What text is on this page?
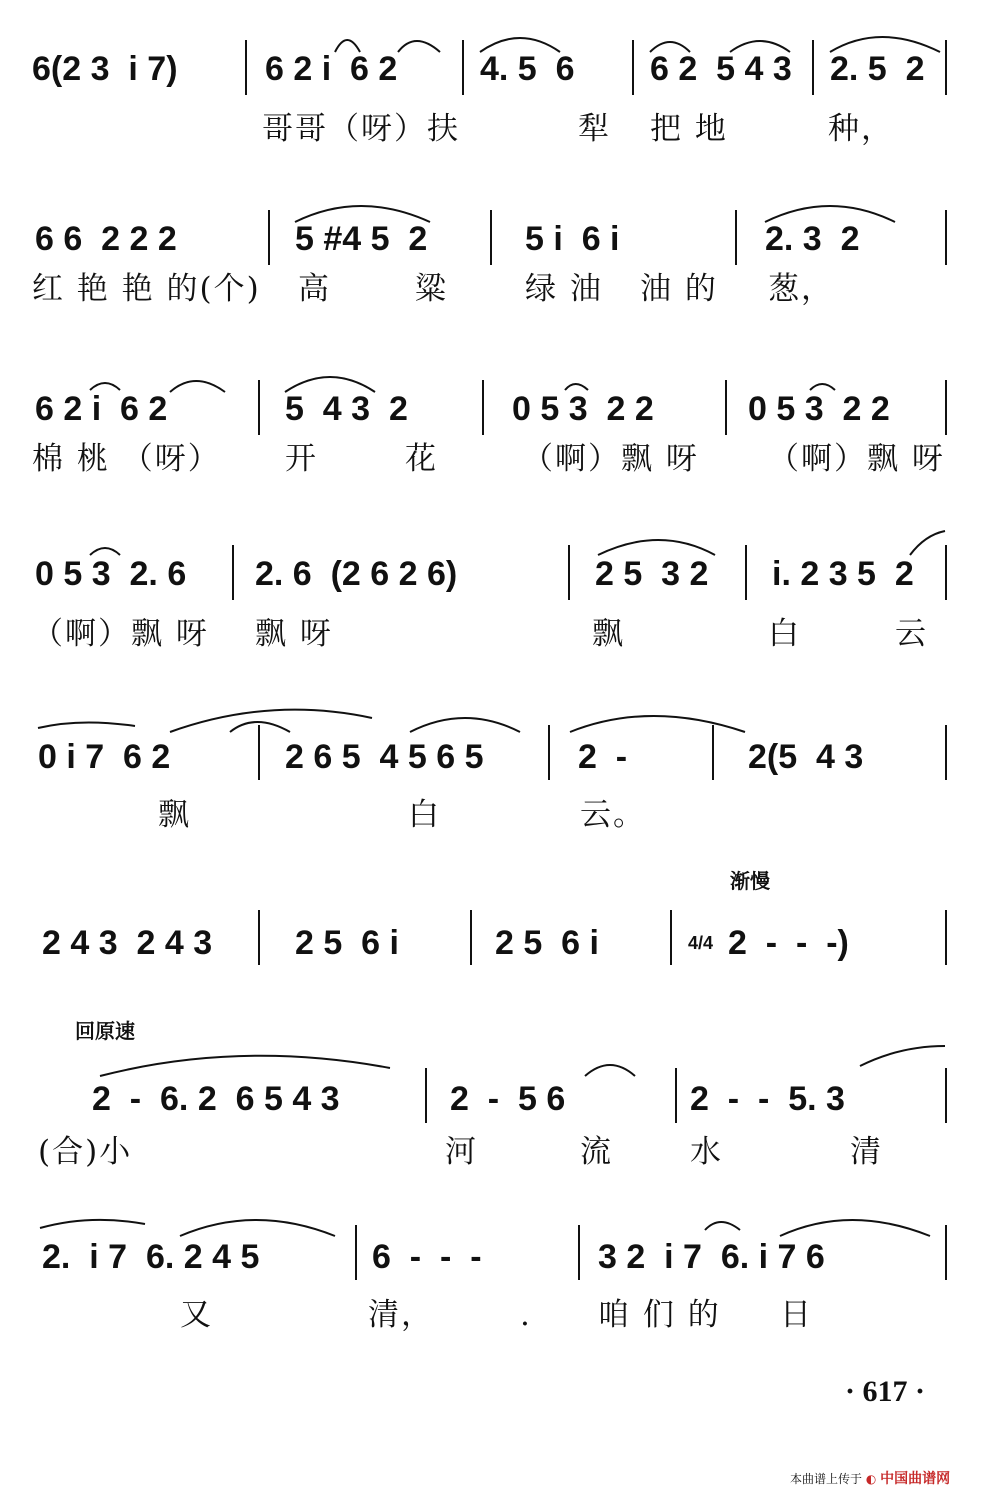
6(2 3  i 7)	6 2 i  6 2 4. 5  6 6 2  5 4 3 2. 5  2
哥哥（呀）扶	犁 把 地	种，
6 6  2 2 2	5 #4 5  2	5 i  6 i	2. 3  2
红 艳 艳 的(个) 高	粱 绿 油 油 的 葱，
6 2 i  6 2	5  4 3  2	0 5 3  2 2	0 5 3  2 2
棉 桃 （呀） 开	花	（啊）飘 呀 （啊）飘 呀
0 5 3  2. 6 2. 6  (2 6 2 6)	2 5  3 2 i. 2 3 5  2
（啊）飘 呀 飘 呀	飘	白	云
0 i 7  6 2	2 6 5  4 5 6 5	2  -	2(5  4 3
飘	白	云。
渐慢
2 4 3  2 4 3 2 5  6 i	2 5  6 i	4/4 2  -  -  -)
回原速
2  -  6. 2  6 5 4 3	2  -  5 6	2  -  -  5. 3
(合)小	河	流 水	清
2.  i 7  6. 2 4 5	6  -  -  -	3 2  i 7  6. i 7 6
又	清，	. 咱 们 的 日
· 617 ·
本曲谱上传于 ◐ 中国曲谱网
